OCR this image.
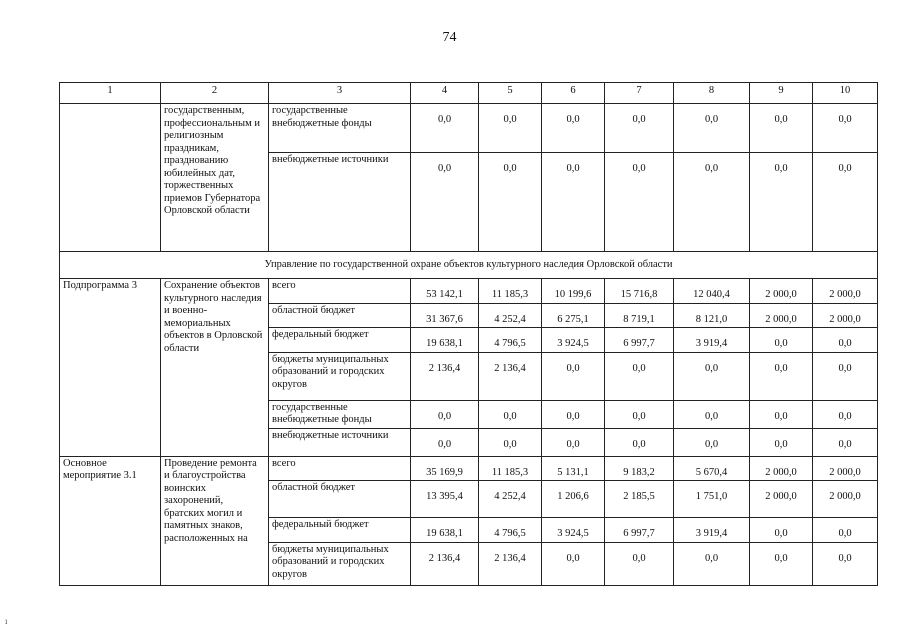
74
1	2	3	4	5	6	7	8	9	10
	государственным, профессиональным и религиозным праздникам, празднованию юбилейных дат, торжественных приемов Губернатора Орловской области	государственные внебюджетные фонды	0,0	0,0	0,0	0,0	0,0	0,0	0,0
		внебюджетные источники	0,0	0,0	0,0	0,0	0,0	0,0	0,0
Управление по государственной охране объектов культурного наследия Орловской области									
Подпрограмма 3	Сохранение объектов культурного наследия и военно-мемориальных объектов в Орловской области	всего	53 142,1	11 185,3	10 199,6	15 716,8	12 040,4	2 000,0	2 000,0
		областной бюджет	31 367,6	4 252,4	6 275,1	8 719,1	8 121,0	2 000,0	2 000,0
		федеральный бюджет	19 638,1	4 796,5	3 924,5	6 997,7	3 919,4	0,0	0,0
		бюджеты муниципальных образований и городских округов	2 136,4	2 136,4	0,0	0,0	0,0	0,0	0,0
		государственные внебюджетные фонды	0,0	0,0	0,0	0,0	0,0	0,0	0,0
		внебюджетные источники	0,0	0,0	0,0	0,0	0,0	0,0	0,0
Основное мероприятие 3.1	Проведение ремонта и благоустройства воинских захоронений, братских могил и памятных знаков, расположенных на	всего	35 169,9	11 185,3	5 131,1	9 183,2	5 670,4	2 000,0	2 000,0
		областной бюджет	13 395,4	4 252,4	1 206,6	2 185,5	1 751,0	2 000,0	2 000,0
		федеральный бюджет	19 638,1	4 796,5	3 924,5	6 997,7	3 919,4	0,0	0,0
		бюджеты муниципальных образований и городских округов	2 136,4	2 136,4	0,0	0,0	0,0	0,0	0,0
ı
